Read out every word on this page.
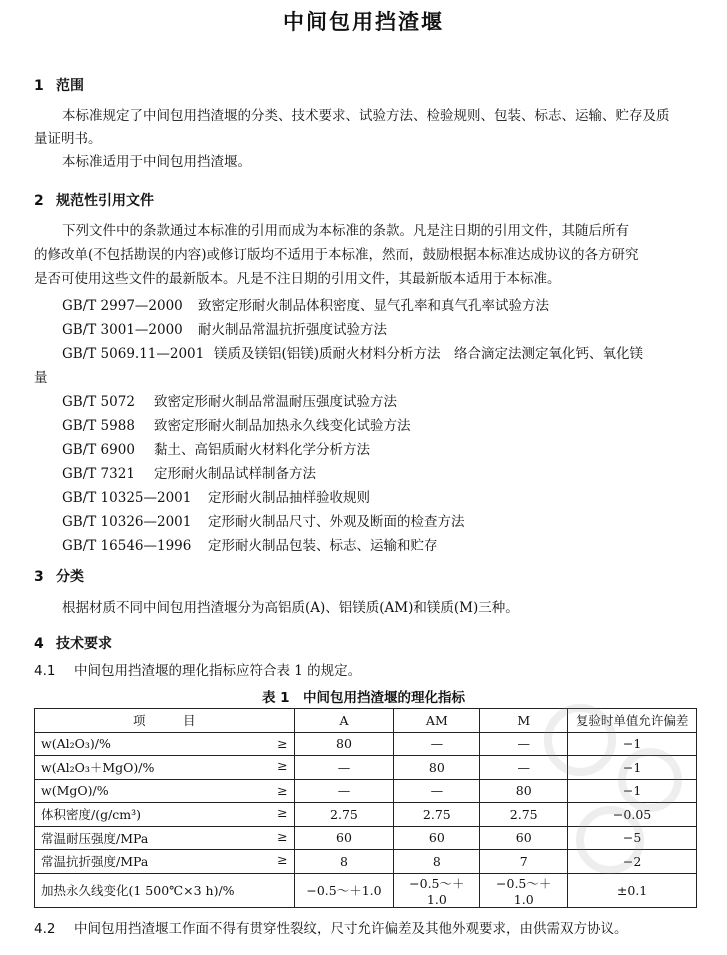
中间包用挡渣堰
1 范围
本标准规定了中间包用挡渣堰的分类、技术要求、试验方法、检验规则、包装、标志、运输、贮存及质
量证明书。
本标准适用于中间包用挡渣堰。
2 规范性引用文件
下列文件中的条款通过本标准的引用而成为本标准的条款。凡是注日期的引用文件，其随后所有
的修改单(不包括勘误的内容)或修订版均不适用于本标准，然而，鼓励根据本标准达成协议的各方研究
是否可使用这些文件的最新版本。凡是不注日期的引用文件，其最新版本适用于本标准。
GB/T 2997—2000 致密定形耐火制品体积密度、显气孔率和真气孔率试验方法
GB/T 3001—2000 耐火制品常温抗折强度试验方法
GB/T 5069.11—2001 镁质及镁铝(铝镁)质耐火材料分析方法　络合滴定法测定氧化钙、氧化镁
量
GB/T 5072 致密定形耐火制品常温耐压强度试验方法
GB/T 5988 致密定形耐火制品加热永久线变化试验方法
GB/T 6900 黏土、高铝质耐火材料化学分析方法
GB/T 7321 定形耐火制品试样制备方法
GB/T 10325—2001 定形耐火制品抽样验收规则
GB/T 10326—2001 定形耐火制品尺寸、外观及断面的检查方法
GB/T 16546—1996 定形耐火制品包装、标志、运输和贮存
3 分类
根据材质不同中间包用挡渣堰分为高铝质(A)、铝镁质(AM)和镁质(M)三种。
4 技术要求
4.1 中间包用挡渣堰的理化指标应符合表 1 的规定。
表 1　中间包用挡渣堰的理化指标
项　　　目	A	AM	M	复验时单值允许偏差
w(Al₂O₃)/% ≥	80	—	—	−1
w(Al₂O₃＋MgO)/% ≥	—	80	—	−1
w(MgO)/% ≥	—	—	80	−1
体积密度/(g/cm³) ≥	2.75	2.75	2.75	−0.05
常温耐压强度/MPa ≥	60	60	60	−5
常温抗折强度/MPa ≥	8	8	7	−2
加热永久线变化(1 500℃×3 h)/%	−0.5～＋1.0	−0.5～＋1.0	−0.5～＋1.0	±0.1
4.2 中间包用挡渣堰工作面不得有贯穿性裂纹，尺寸允许偏差及其他外观要求，由供需双方协议。
